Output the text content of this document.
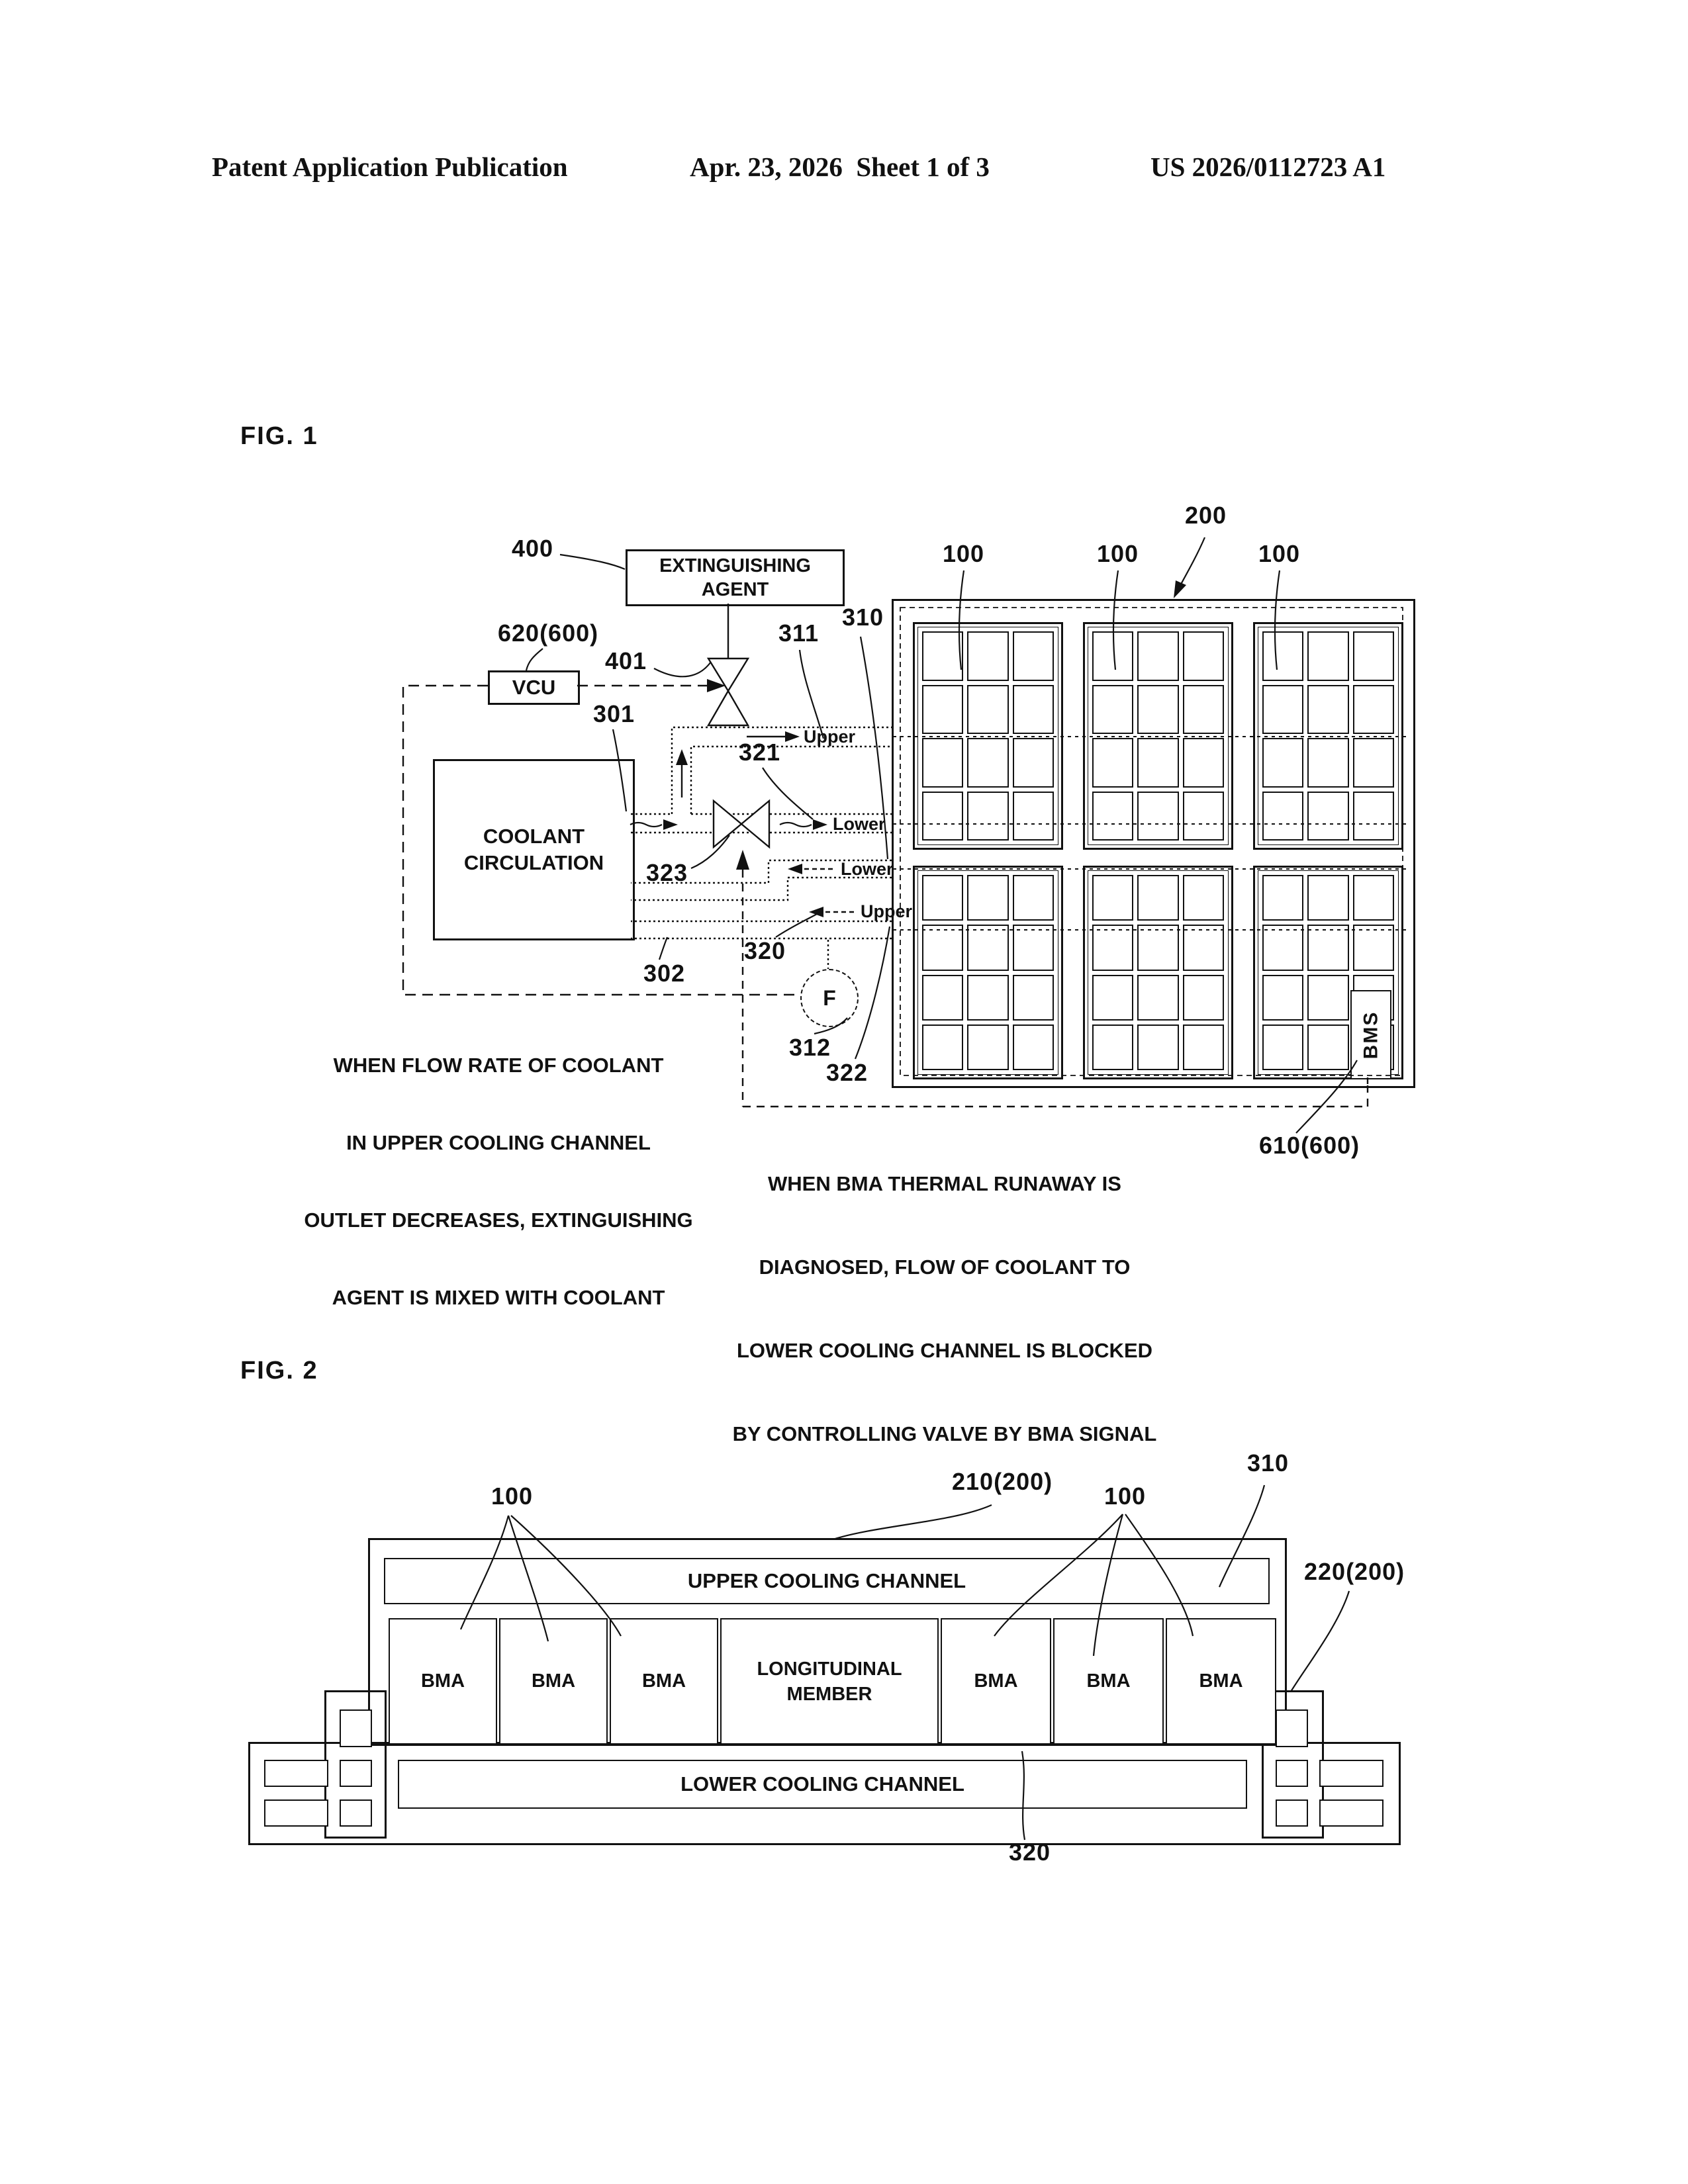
Patent Application Publication	Apr. 23, 2026  Sheet 1 of 3	US 2026/0112723 A1
FIG. 1
FIG. 2
EXTINGUISHING
AGENT
VCU
COOLANT
CIRCULATION
BMS
F
400
620(600)
401
311
310
301
321
323
302
320
312
322
200
610(600)
100	100	100
Upper
Lower
Lower
Upper

WHEN FLOW RATE OF COOLANT

IN UPPER COOLING CHANNEL

OUTLET DECREASES, EXTINGUISHING

AGENT IS MIXED WITH COOLANT

WHEN BMA THERMAL RUNAWAY IS

DIAGNOSED, FLOW OF COOLANT TO

LOWER COOLING CHANNEL IS BLOCKED

BY CONTROLLING VALVE BY BMA SIGNAL

UPPER COOLING CHANNEL
BMA	BMA	BMA
LONGITUDINAL
MEMBER
BMA	BMA	BMA
LOWER COOLING CHANNEL
210(200)
310
100	100
220(200)
320
